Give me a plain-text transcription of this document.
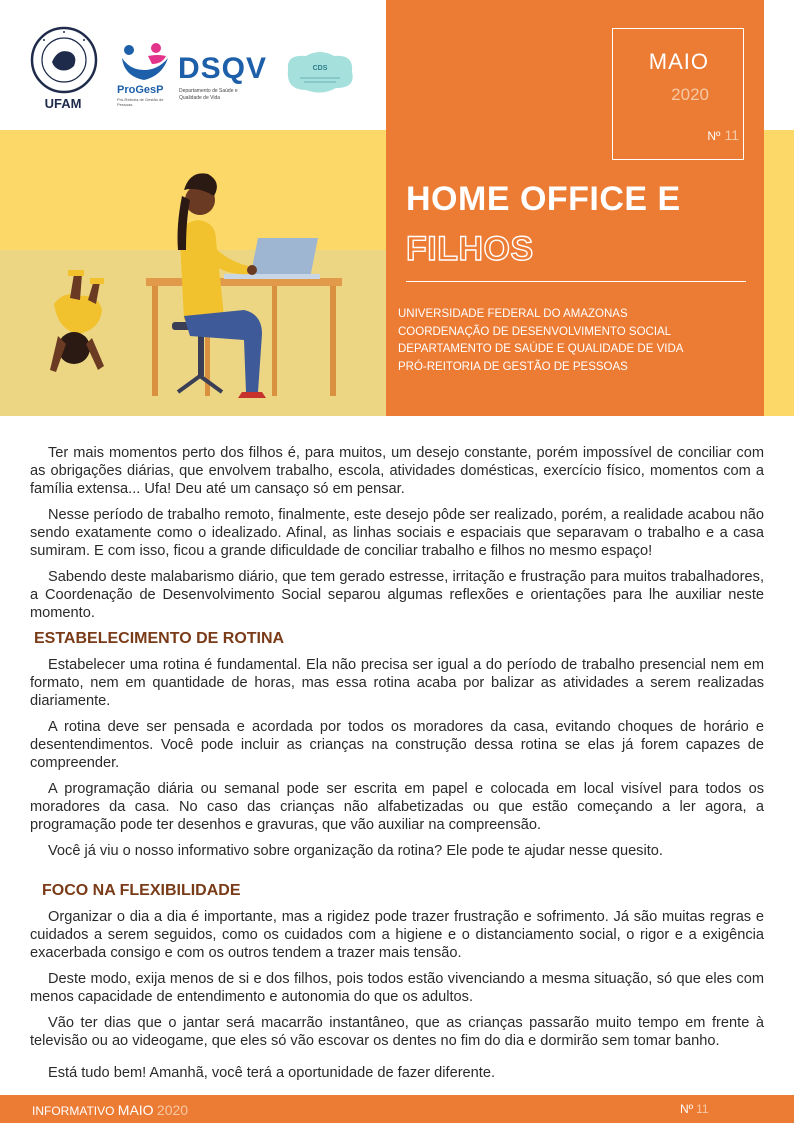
UFAM
ProGesP
Pró-Reitoria de Gestão de Pessoas
DSQV
Departamento de Saúde e Qualidade de Vida
CDS	MAIO
2020
Nº 11
HOME OFFICE E
FILHOS
UNIVERSIDADE FEDERAL DO AMAZONAS
COORDENAÇÃO DE DESENVOLVIMENTO SOCIAL
DEPARTAMENTO DE SAÚDE E QUALIDADE DE VIDA
PRÓ-REITORIA DE GESTÃO DE PESSOAS

Ter mais momentos perto dos filhos é, para muitos, um desejo constante, porém impossível de conciliar com as obrigações diárias, que envolvem trabalho, escola, atividades domésticas, exercício físico, momentos com a família extensa... Ufa! Deu até um cansaço só em pensar.

Nesse período de trabalho remoto, finalmente, este desejo pôde ser realizado, porém, a realidade acabou não sendo exatamente como o idealizado. Afinal, as linhas sociais e espaciais que separavam o trabalho e a casa sumiram. E com isso, ficou a grande dificuldade de conciliar trabalho e filhos no mesmo espaço!

Sabendo deste malabarismo diário, que tem gerado estresse, irritação e frustração para muitos trabalhadores, a Coordenação de Desenvolvimento Social separou algumas reflexões e orientações para lhe auxiliar neste momento.

ESTABELECIMENTO DE ROTINA

Estabelecer uma rotina é fundamental. Ela não precisa ser igual a do período de trabalho presencial nem em formato, nem em quantidade de horas, mas essa rotina acaba por balizar as atividades a serem realizadas diariamente.

A rotina deve ser pensada e acordada por todos os moradores da casa, evitando choques de horário e desentendimentos. Você pode incluir as crianças na construção dessa rotina se elas já forem capazes de compreender.

A programação diária ou semanal pode ser escrita em papel e colocada em local visível para todos os moradores da casa. No caso das crianças não alfabetizadas ou que estão começando a ler agora, a programação pode ter desenhos e gravuras, que vão auxiliar na compreensão.

Você já viu o nosso informativo sobre organização da rotina? Ele pode te ajudar nesse quesito.

FOCO NA FLEXIBILIDADE

Organizar o dia a dia é importante, mas a rigidez pode trazer frustração e sofrimento. Já são muitas regras e cuidados a serem seguidos, como os cuidados com a higiene e o distanciamento social, o rigor e a exigência exacerbada consigo e com os outros tendem a trazer mais tensão.

Deste modo, exija menos de si e dos filhos, pois todos estão vivenciando a mesma situação, só que eles com menos capacidade de entendimento e autonomia do que os adultos.

Vão ter dias que o jantar será macarrão instantâneo, que as crianças passarão muito tempo em frente à televisão ou ao videogame, que eles só vão escovar os dentes no fim do dia e dormirão sem tomar banho.

Está tudo bem! Amanhã, você terá a oportunidade de fazer diferente.

INFORMATIVO MAIO 2020	Nº 11
